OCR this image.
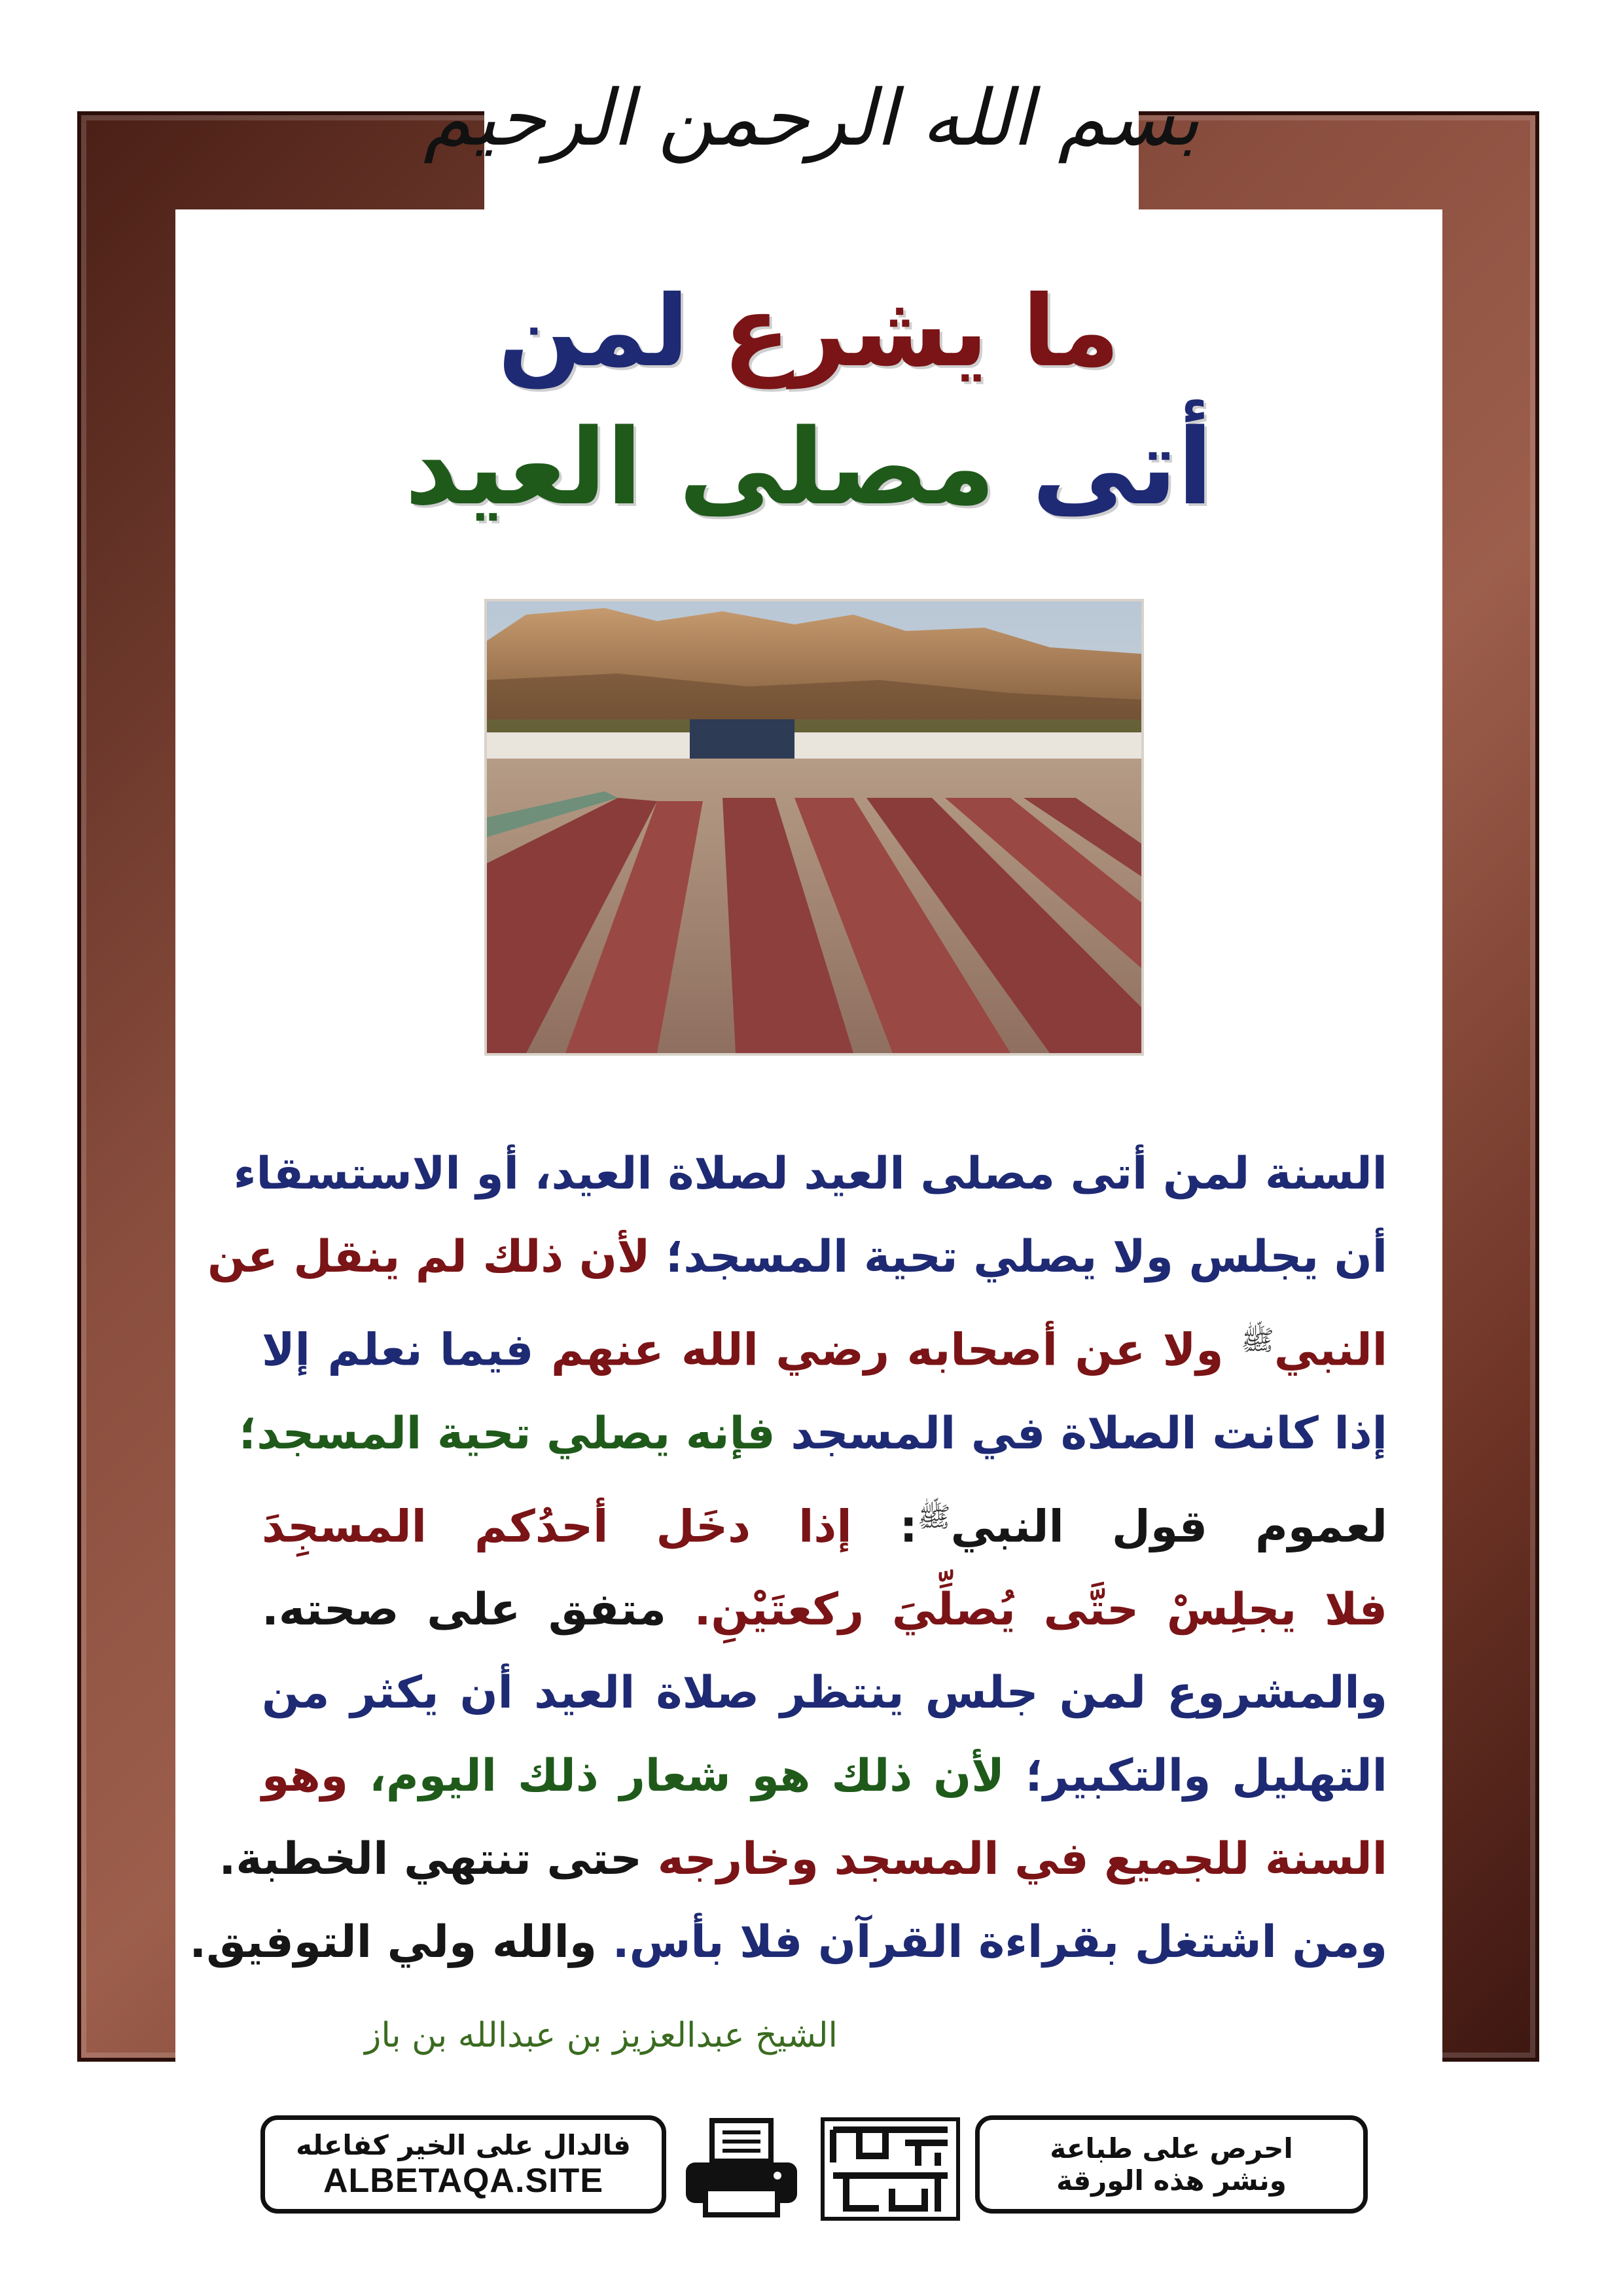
بسم الله الرحمن الرحيم
ما يشرع لمن
أتى مصلى العيد
السنة لمن أتى مصلى العيد لصلاة العيد، أو الاستسقاء
أن يجلس ولا يصلي تحية المسجد؛ لأن ذلك لم ينقل عن
النبي$^ﷺ$ ولا عن أصحابه رضي الله عنهم فيما نعلم إلا
إذا كانت الصلاة في المسجد فإنه يصلي تحية المسجد؛
لعموم قول النبي$^ﷺ$: إذا دخَل أحدُكم المسجِدَ
فلا يجلِسْ حتَّى يُصلِّيَ ركعتَيْنِ. متفق على صحته.
والمشروع لمن جلس ينتظر صلاة العيد أن يكثر من
التهليل والتكبير؛ لأن ذلك هو شعار ذلك اليوم، وهو
السنة للجميع في المسجد وخارجه حتى تنتهي الخطبة.
ومن اشتغل بقراءة القرآن فلا بأس. والله ولي التوفيق.
الشيخ عبدالعزيز بن عبدالله بن باز
فالدال على الخير كفاعله
ALBETAQA.SITE
احرص على طباعة
ونشر هذه الورقة
